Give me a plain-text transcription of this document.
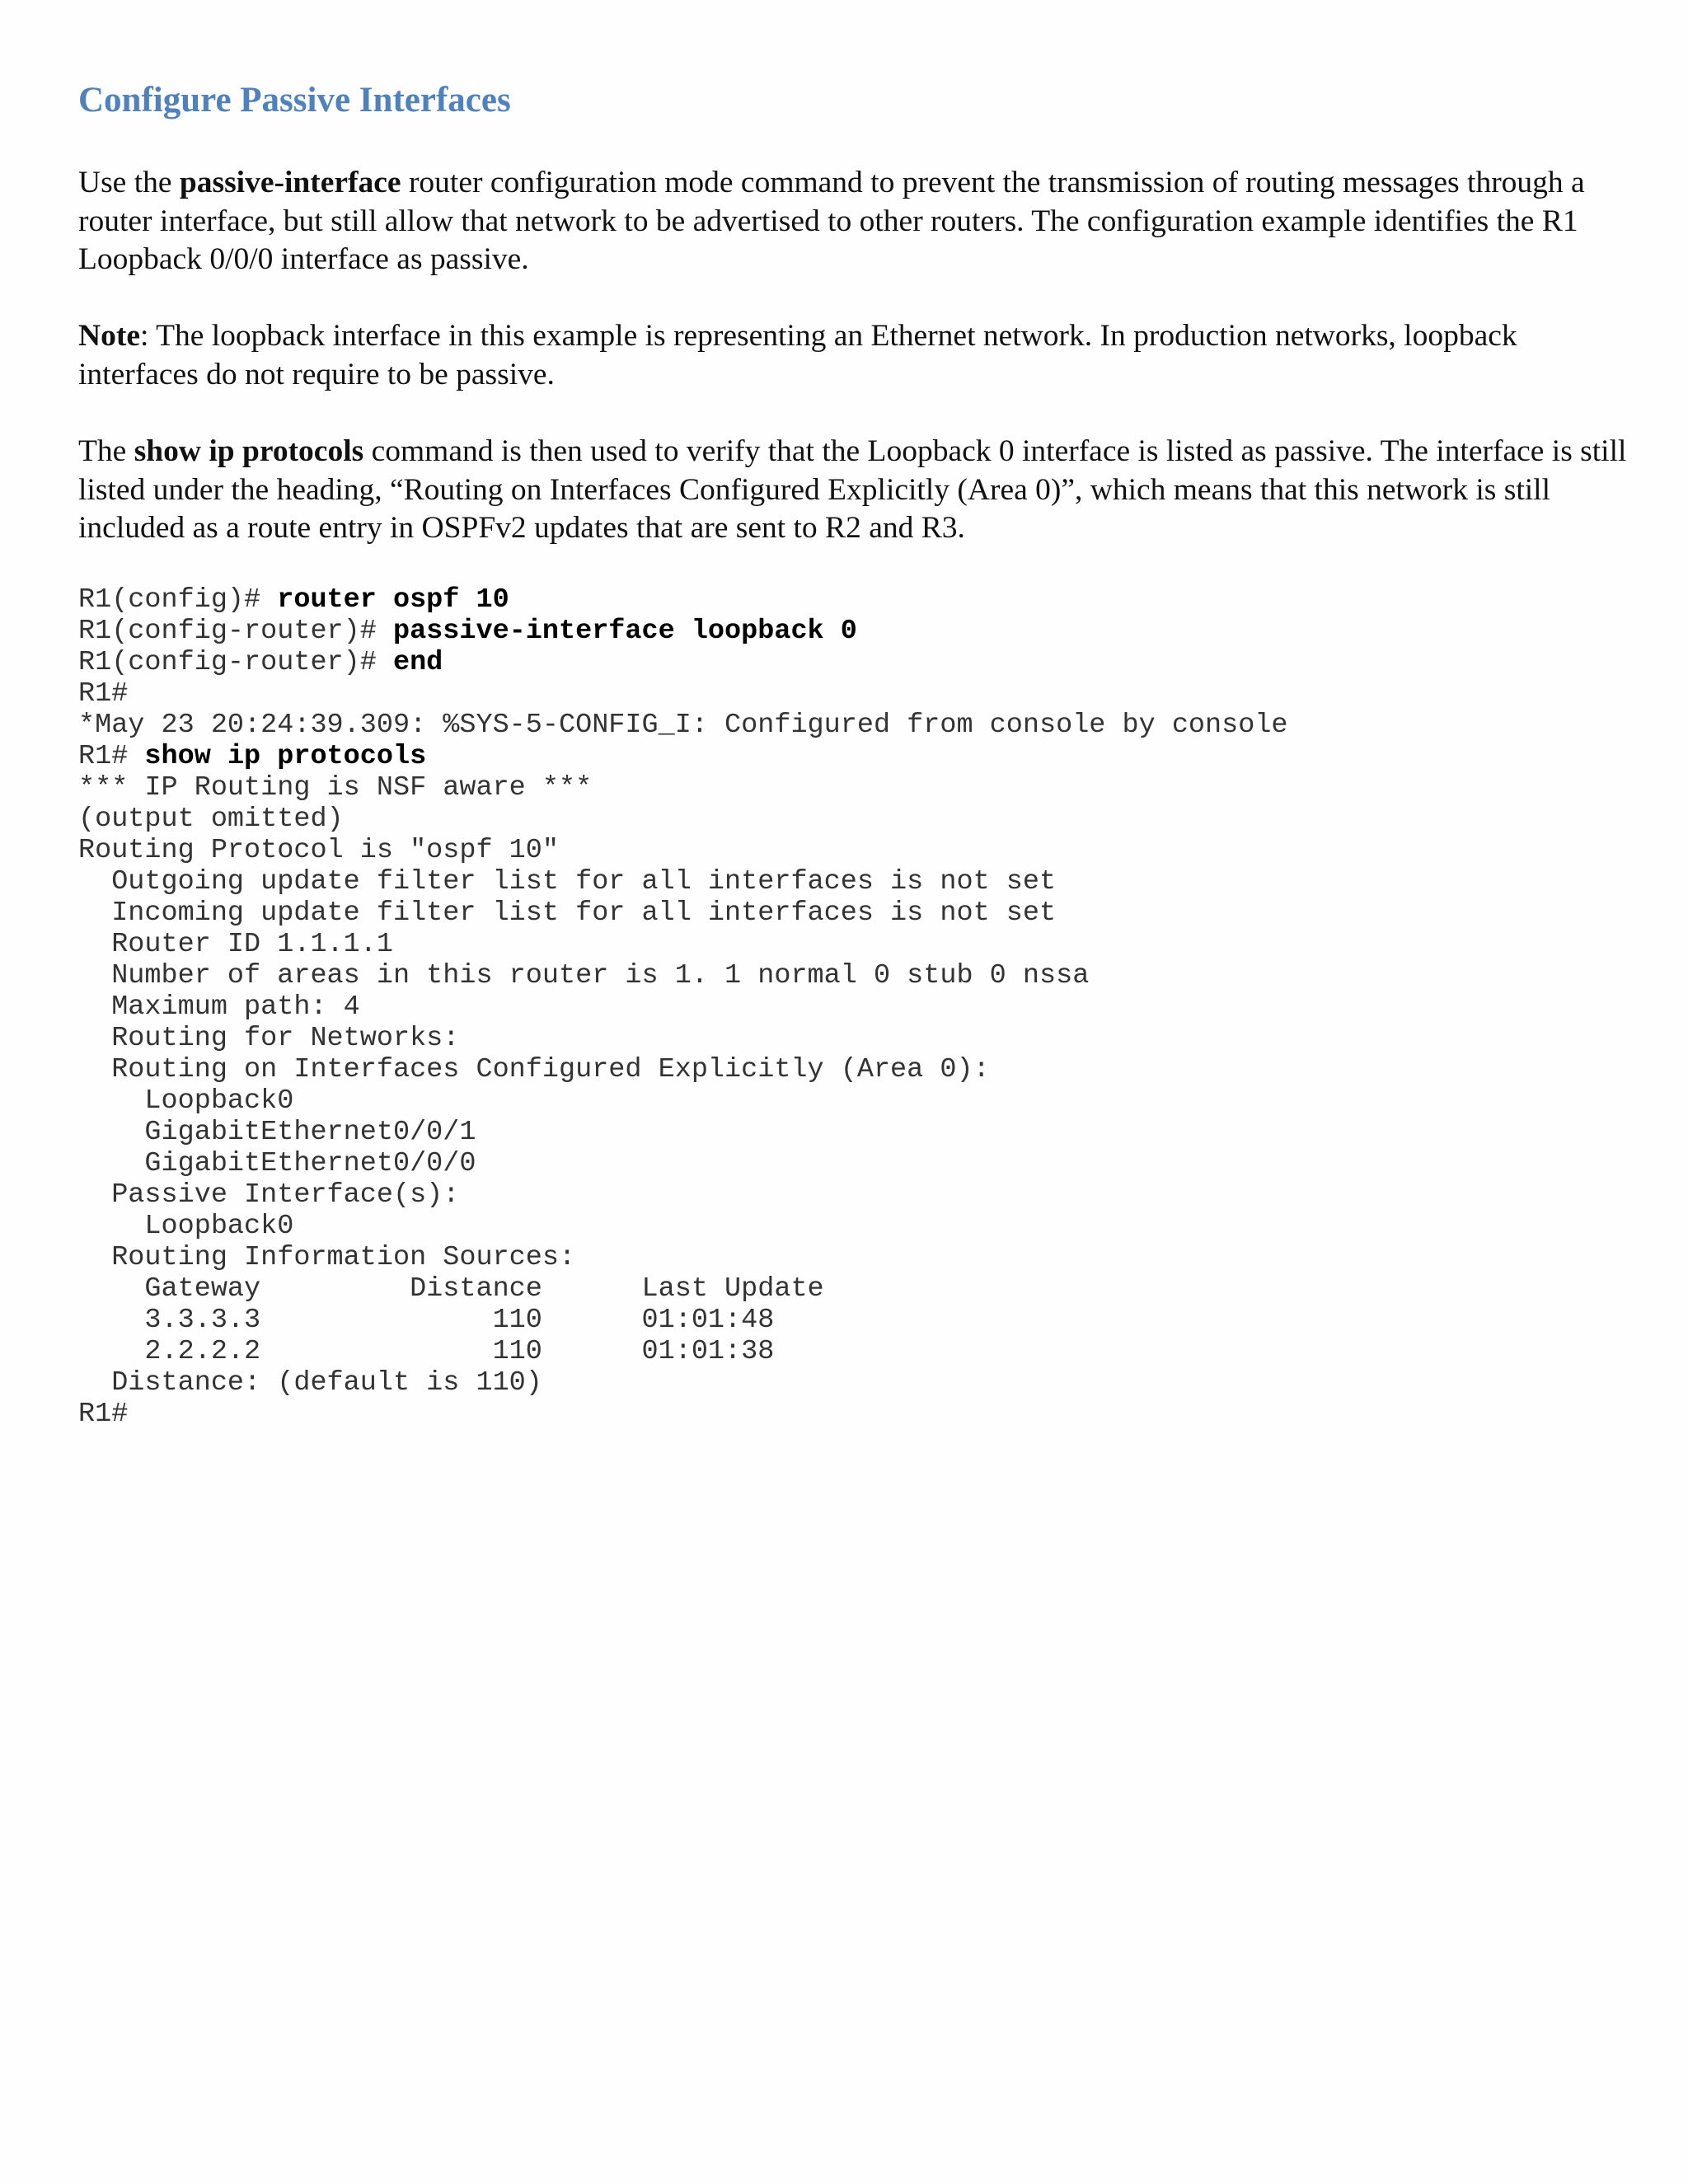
Configure Passive Interfaces

Use the passive-interface router configuration mode command to prevent the transmission of routing messages through a router interface, but still allow that network to be advertised to other routers. The configuration example identifies the R1 Loopback 0/0/0 interface as passive.

Note: The loopback interface in this example is representing an Ethernet network. In production networks, loopback interfaces do not require to be passive.

The show ip protocols command is then used to verify that the Loopback 0 interface is listed as passive. The interface is still listed under the heading, “Routing on Interfaces Configured Explicitly (Area 0)”, which means that this network is still included as a route entry in OSPFv2 updates that are sent to R2 and R3.

R1(config)# router ospf 10
R1(config-router)# passive-interface loopback 0
R1(config-router)# end
R1#
*May 23 20:24:39.309: %SYS-5-CONFIG_I: Configured from console by console
R1# show ip protocols
*** IP Routing is NSF aware ***
(output omitted)
Routing Protocol is "ospf 10"
Outgoing update filter list for all interfaces is not set
Incoming update filter list for all interfaces is not set
Router ID 1.1.1.1
Number of areas in this router is 1. 1 normal 0 stub 0 nssa
Maximum path: 4
Routing for Networks:
Routing on Interfaces Configured Explicitly (Area 0):
Loopback0
GigabitEthernet0/0/1
GigabitEthernet0/0/0
Passive Interface(s):
Loopback0
Routing Information Sources:
Gateway         Distance      Last Update
3.3.3.3              110      01:01:48
2.2.2.2              110      01:01:38
Distance: (default is 110)
R1#
